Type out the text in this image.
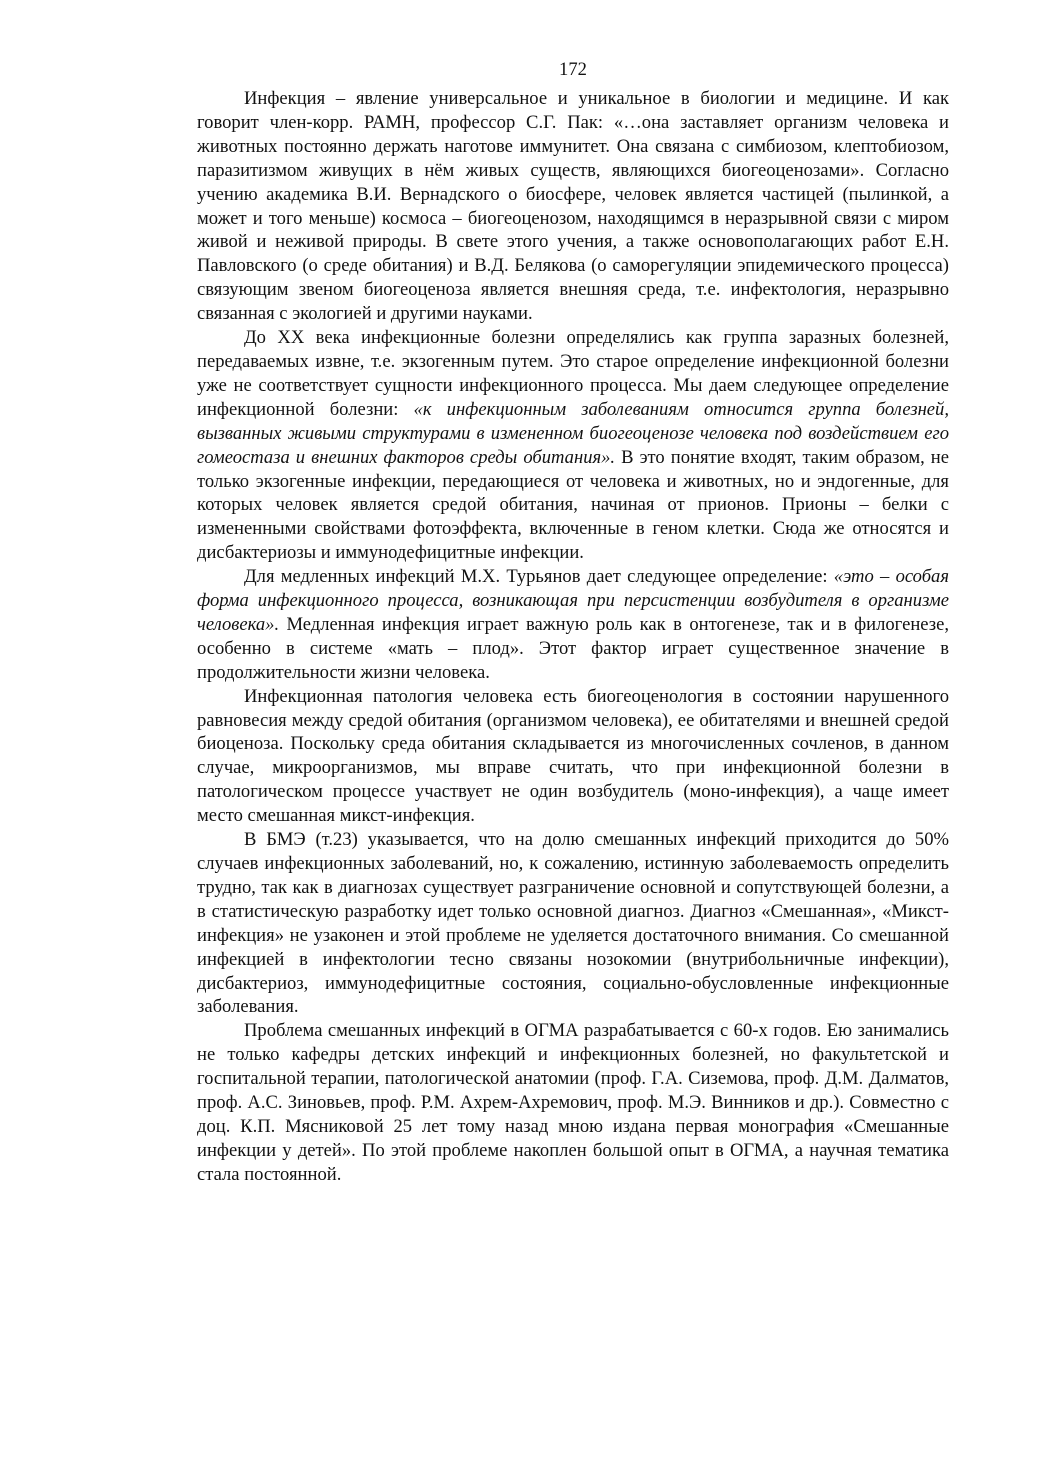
172

Инфекция – явление универсальное и уникальное в биологии и медицине. И как говорит член-корр. РАМН, профессор С.Г. Пак: «…она заставляет организм человека и животных постоянно держать наготове иммунитет. Она связана с симбиозом, клептобиозом, паразитизмом живущих в нём живых существ, являющихся биогеоценозами». Согласно учению академика В.И. Вернадского о биосфере, человек является частицей (пылинкой, а может и того меньше) космоса – биогеоценозом, находящимся в неразрывной связи с миром живой и неживой природы. В свете этого учения, а также основополагающих работ Е.Н. Павловского (о среде обитания) и В.Д. Белякова (о саморегуляции эпидемического процесса) связующим звеном биогеоценоза является внешняя среда, т.е. инфектология, неразрывно связанная с экологией и другими науками.

До XX века инфекционные болезни определялись как группа заразных болезней, передаваемых извне, т.е. экзогенным путем. Это старое определение инфекционной болезни уже не соответствует сущности инфекционного процесса. Мы даем следующее определение инфекционной болезни: «к инфекционным заболеваниям относится группа болезней, вызванных живыми структурами в измененном биогеоценозе человека под воздействием его гомеостаза и внешних факторов среды обитания». В это понятие входят, таким образом, не только экзогенные инфекции, передающиеся от человека и животных, но и эндогенные, для которых человек является средой обитания, начиная от прионов. Прионы – белки с измененными свойствами фотоэффекта, включенные в геном клетки. Сюда же относятся и дисбактериозы и иммунодефицитные инфекции.

Для медленных инфекций М.Х. Турьянов дает следующее определение: «это – особая форма инфекционного процесса, возникающая при персистенции возбудителя в организме человека». Медленная инфекция играет важную роль как в онтогенезе, так и в филогенезе, особенно в системе «мать – плод». Этот фактор играет существенное значение в продолжительности жизни человека.

Инфекционная патология человека есть биогеоценология в состоянии нарушенного равновесия между средой обитания (организмом человека), ее обитателями и внешней средой биоценоза. Поскольку среда обитания складывается из многочисленных сочленов, в данном случае, микроорганизмов, мы вправе считать, что при инфекционной болезни в патологическом процессе участвует не один возбудитель (моно-инфекция), а чаще имеет место смешанная микст-инфекция.

В БМЭ (т.23) указывается, что на долю смешанных инфекций приходится до 50% случаев инфекционных заболеваний, но, к сожалению, истинную заболеваемость определить трудно, так как в диагнозах существует разграничение основной и сопутствующей болезни, а в статистическую разработку идет только основной диагноз. Диагноз «Смешанная», «Микст-инфекция» не узаконен и этой проблеме не уделяется достаточного внимания. Со смешанной инфекцией в инфектологии тесно связаны нозокомии (внутрибольничные инфекции), дисбактериоз, иммунодефицитные состояния, социально-обусловленные инфекционные заболевания.

Проблема смешанных инфекций в ОГМА разрабатывается с 60-х годов. Ею занимались не только кафедры детских инфекций и инфекционных болезней, но факультетской и госпитальной терапии, патологической анатомии (проф. Г.А. Сиземова, проф. Д.М. Далматов, проф. А.С. Зиновьев, проф. Р.М. Ахрем-Ахремович, проф. М.Э. Винников и др.). Совместно с доц. К.П. Мясниковой 25 лет тому назад мною издана первая монография «Смешанные инфекции у детей». По этой проблеме накоплен большой опыт в ОГМА, а научная тематика стала постоянной.
